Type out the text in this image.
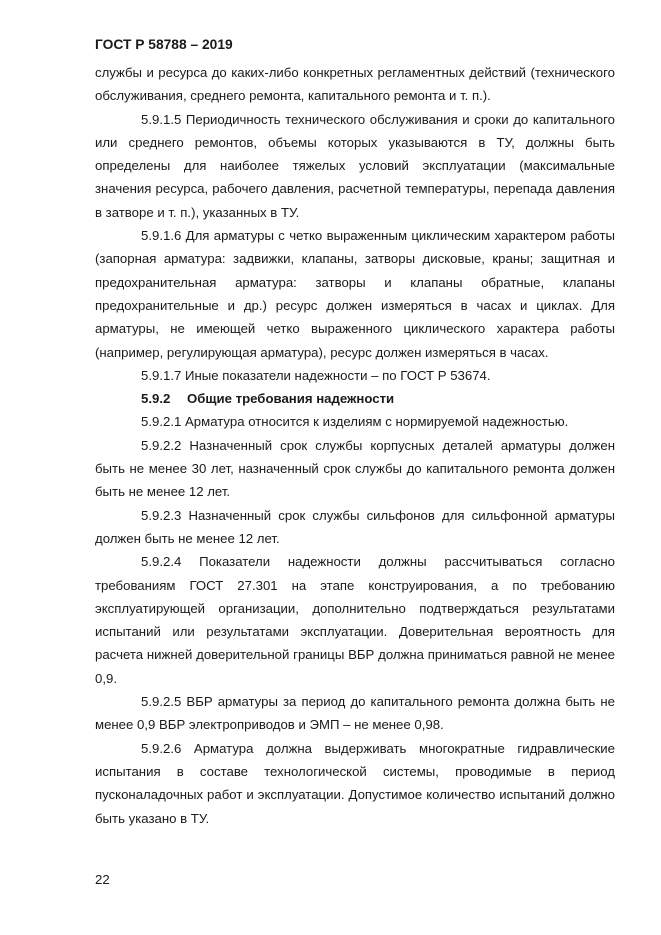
ГОСТ Р 58788 – 2019

службы и ресурса до каких-либо конкретных регламентных действий (технического обслуживания, среднего ремонта, капитального ремонта и т. п.).

5.9.1.5 Периодичность технического обслуживания и сроки до капитального или среднего ремонтов, объемы которых указываются в ТУ, должны быть определены для наиболее тяжелых условий эксплуатации (максимальные значения ресурса, рабочего давления, расчетной температуры, перепада давления в затворе и т. п.), указанных в ТУ.

5.9.1.6 Для арматуры с четко выраженным циклическим характером работы (запорная арматура: задвижки, клапаны, затворы дисковые, краны; защитная и предохранительная арматура: затворы и клапаны обратные, клапаны предохранительные и др.) ресурс должен измеряться в часах и циклах. Для арматуры, не имеющей четко выраженного циклического характера работы (например, регулирующая арматура), ресурс должен измеряться в часах.

5.9.1.7 Иные показатели надежности – по ГОСТ Р 53674.

5.9.2 Общие требования надежности

5.9.2.1 Арматура относится к изделиям с нормируемой надежностью.

5.9.2.2 Назначенный срок службы корпусных деталей арматуры должен быть не менее 30 лет, назначенный срок службы до капитального ремонта должен быть не менее 12 лет.

5.9.2.3 Назначенный срок службы сильфонов для сильфонной арматуры должен быть не менее 12 лет.

5.9.2.4 Показатели надежности должны рассчитываться согласно требованиям ГОСТ 27.301 на этапе конструирования, а по требованию эксплуатирующей организации, дополнительно подтверждаться результатами испытаний или результатами эксплуатации. Доверительная вероятность для расчета нижней доверительной границы ВБР должна приниматься равной не менее 0,9.

5.9.2.5 ВБР арматуры за период до капитального ремонта должна быть не менее 0,9 ВБР электроприводов и ЭМП – не менее 0,98.

5.9.2.6 Арматура должна выдерживать многократные гидравлические испытания в составе технологической системы, проводимые в период пусконаладочных работ и эксплуатации. Допустимое количество испытаний должно быть указано в ТУ.

22
